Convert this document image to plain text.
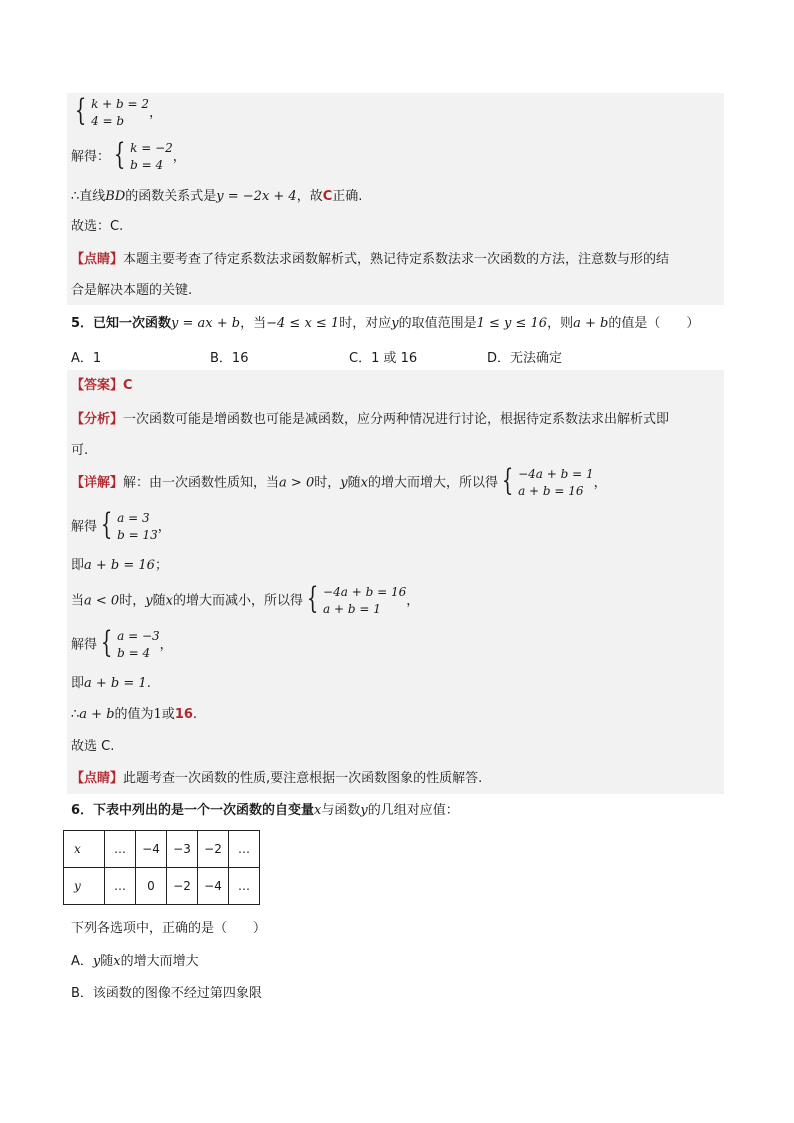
{ k + b = 2
4 = b
，
解得： { k = −2
b = 4
，
∴直线BD的函数关系式是y = −2x + 4，故C正确.
故选：C.
【点睛】本题主要考查了待定系数法求函数解析式，熟记待定系数法求一次函数的方法，注意数与形的结
合是解决本题的关键.
5．已知一次函数y = ax + b，当−4 ≤ x ≤ 1时，对应y的取值范围是1 ≤ y ≤ 16，则a + b的值是（　　）
A．1	B．16	C．1 或 16	D．无法确定
【答案】C
【分析】一次函数可能是增函数也可能是减函数，应分两种情况进行讨论，根据待定系数法求出解析式即
可.
【详解】解：由一次函数性质知，当a > 0时，y随x的增大而增大，所以得 { −4a + b = 1
a + b = 16
，
解得 { a = 3
b = 13
，
即a + b = 16；
当a < 0时，y随x的增大而减小，所以得 { −4a + b = 16
a + b = 1
，
解得 { a = −3
b = 4
，
即a + b = 1.
∴a + b的值为1或16.
故选 C.
【点睛】此题考查一次函数的性质,要注意根据一次函数图象的性质解答.
6．下表中列出的是一个一次函数的自变量x与函数y的几组对应值：
x	…	−4	−3	−2	…
y	…	0	−2	−4	…
下列各选项中，正确的是（　　）
A．y随x的增大而增大
B．该函数的图像不经过第四象限
